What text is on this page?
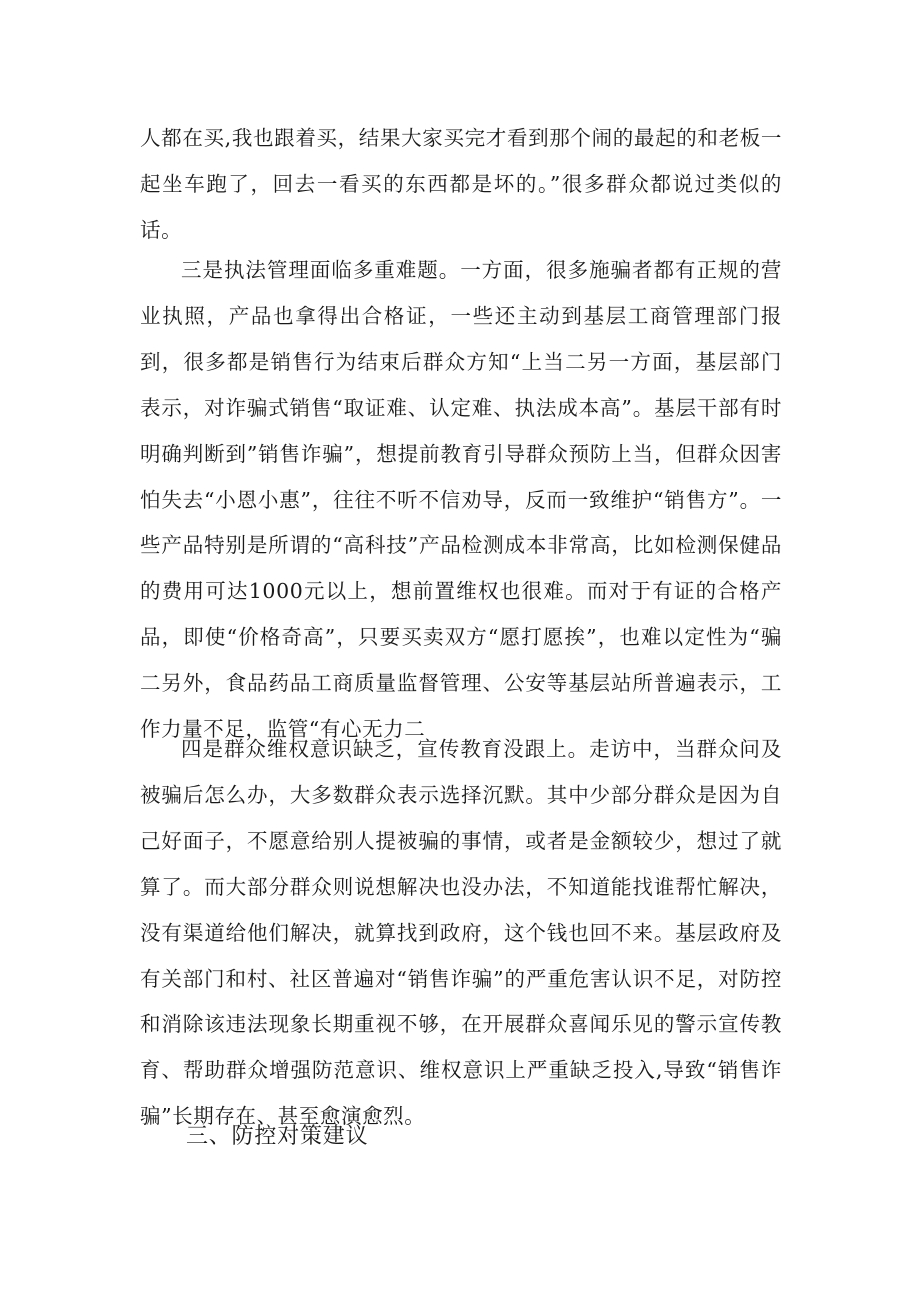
人都在买,我也跟着买，结果大家买完才看到那个闹的最起的和老板一起坐车跑了，回去一看买的东西都是坏的。”很多群众都说过类似的话。

三是执法管理面临多重难题。一方面，很多施骗者都有正规的营业执照，产品也拿得出合格证，一些还主动到基层工商管理部门报到，很多都是销售行为结束后群众方知“上当二另一方面，基层部门表示，对诈骗式销售“取证难、认定难、执法成本高”。基层干部有时明确判断到”销售诈骗”，想提前教育引导群众预防上当，但群众因害怕失去“小恩小惠”，往往不听不信劝导，反而一致维护“销售方”。一些产品特别是所谓的“高科技”产品检测成本非常高，比如检测保健品的费用可达1000元以上，想前置维权也很难。而对于有证的合格产品，即使“价格奇高”，只要买卖双方“愿打愿挨”，也难以定性为“骗二另外，食品药品工商质量监督管理、公安等基层站所普遍表示，工作力量不足，监管“有心无力二

四是群众维权意识缺乏，宣传教育没跟上。走访中，当群众问及被骗后怎么办，大多数群众表示选择沉默。其中少部分群众是因为自己好面子，不愿意给别人提被骗的事情，或者是金额较少，想过了就算了。而大部分群众则说想解决也没办法，不知道能找谁帮忙解决，没有渠道给他们解决，就算找到政府，这个钱也回不来。基层政府及有关部门和村、社区普遍对“销售诈骗”的严重危害认识不足，对防控和消除该违法现象长期重视不够，在开展群众喜闻乐见的警示宣传教育、帮助群众增强防范意识、维权意识上严重缺乏投入,导致“销售诈骗”长期存在、甚至愈演愈烈。

三、防控对策建议
